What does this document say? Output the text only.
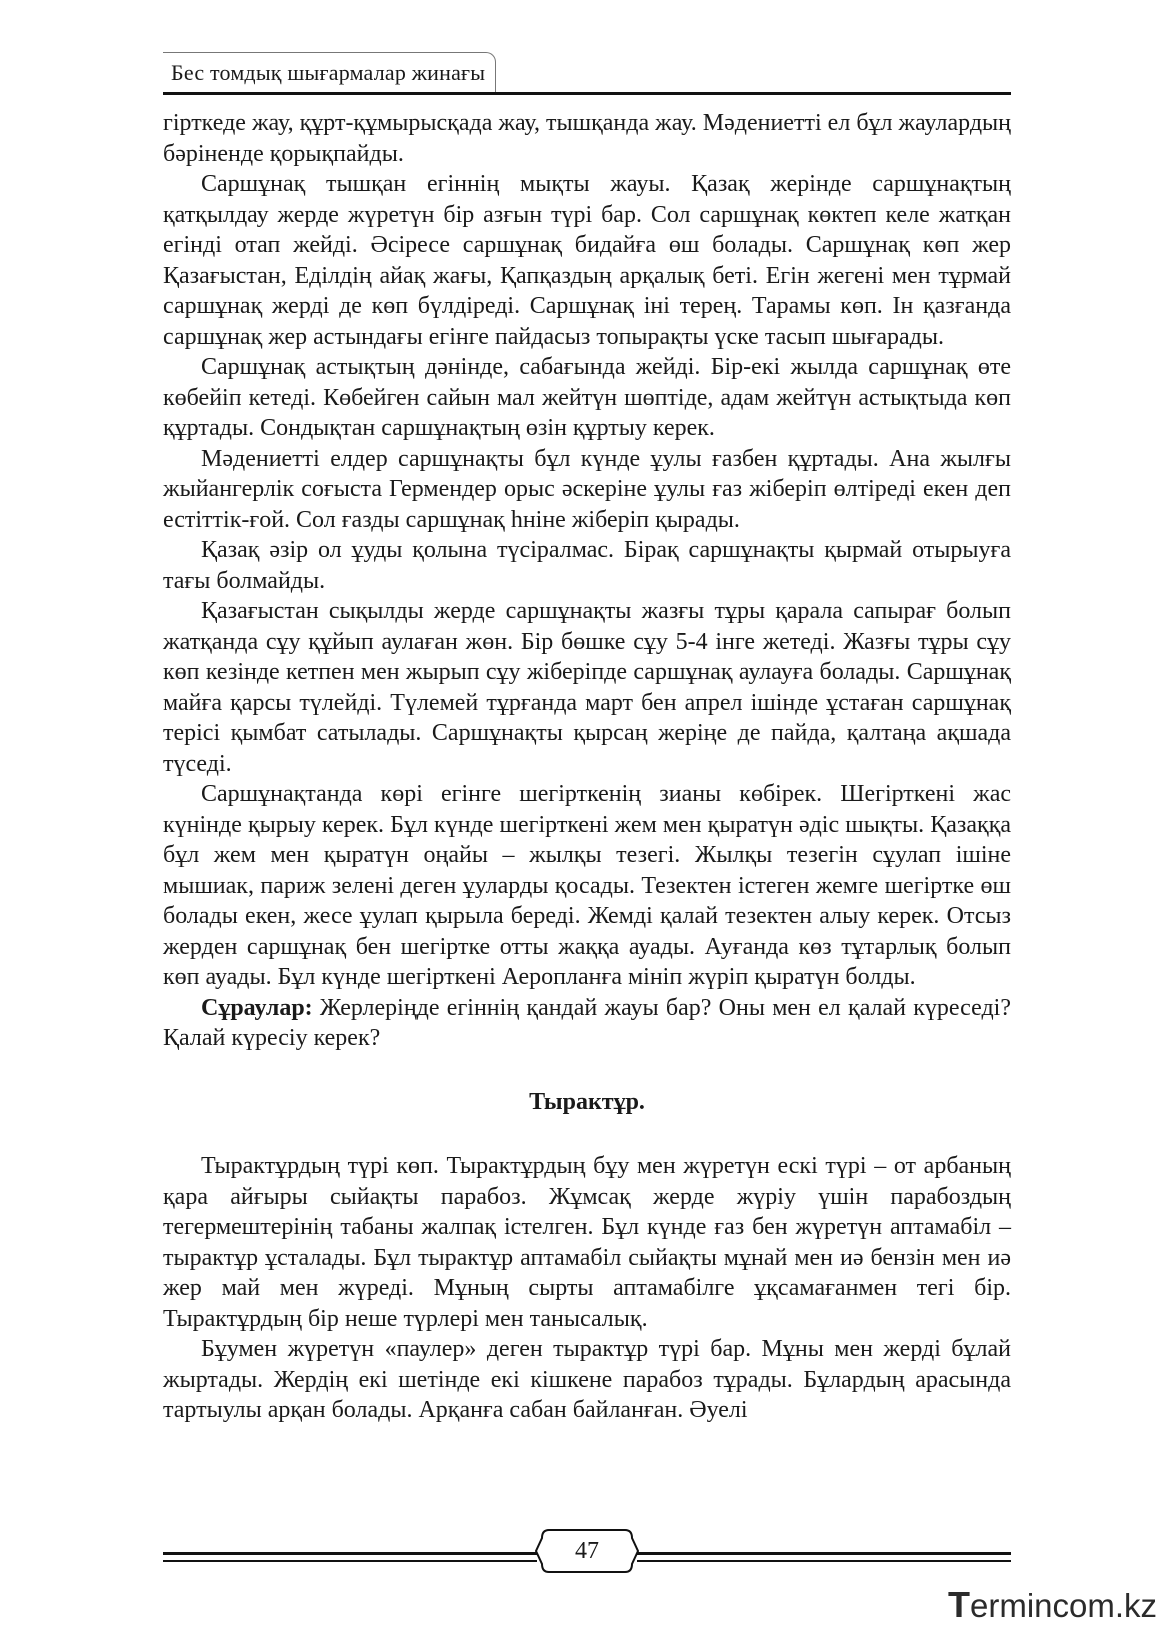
Бес томдық шығармалар жинағы

гірткеде жау, құрт-құмырысқада жау, тышқанда жау. Мәдениетті ел бұл жаулардың бәріненде қорықпайды.

Саршұнақ тышқан егіннің мықты жауы. Қазақ жерінде саршұнақтың қатқылдау жерде жүретүн бір азғын түрі бар. Сол саршұнақ көктеп келе жатқан егінді отап жейді. Әсіресе саршұнақ бидайға өш болады. Саршұнақ көп жер Қазағыстан, Еділдің айақ жағы, Қапқаздың арқалық беті. Егін жегені мен тұрмай саршұнақ жерді де көп бүлдіреді. Саршұнақ іні терең. Тарамы көп. Ін қазғанда саршұнақ жер астындағы егінге пайдасыз топырақты үске тасып шығарады.

Саршұнақ астықтың дәнінде, сабағында жейді. Бір-екі жылда саршұнақ өте көбейіп кетеді. Көбейген сайын мал жейтүн шөптіде, адам жейтүн астықтыда көп құртады. Сондықтан саршұнақтың өзін құртыу керек.

Мәдениетті елдер саршұнақты бұл күнде ұулы ғазбен құртады. Ана жылғы жыйангерлік соғыста Гермендер орыс әскеріне ұулы ғаз жіберіп өлтіреді екен деп естіттік-ғой. Сол ғазды саршұнақ һніне жіберіп қырады.

Қазақ әзір ол ұуды қолына түсіралмас. Бірақ саршұнақты қырмай отырыуға тағы болмайды.

Қазағыстан сықылды жерде саршұнақты жазғы тұры қарала сапырағ болып жатқанда сұу құйып аулаған жөн. Бір бөшке сұу 5-4 інге жетеді. Жазғы тұры сұу көп кезінде кетпен мен жырып сұу жіберіпде саршұнақ аулауға болады. Саршұнақ майға қарсы түлейді. Түлемей тұрғанда март бен апрел ішінде ұстаған саршұнақ терісі қымбат сатылады. Саршұнақты қырсаң жеріңе де пайда, қалтаңа ақшада түседі.

Саршұнақтанда көрі егінге шегірткенің зианы көбірек. Шегірткені жас күнінде қырыу керек. Бұл күнде шегірткені жем мен қыратүн әдіс шықты. Қазаққа бұл жем мен қыратүн оңайы – жылқы тезегі. Жылқы тезегін сұулап ішіне мышиак, париж зелені деген ұуларды қосады. Тезектен істеген жемге шегіртке өш болады екен, жесе ұулап қырыла береді. Жемді қалай тезектен алыу керек. Отсыз жерден саршұнақ бен шегіртке отты жаққа ауады. Ауғанда көз тұтарлық болып көп ауады. Бұл күнде шегірткені Аеропланға мініп жүріп қыратүн болды.

Сұраулар: Жерлеріңде егіннің қандай жауы бар? Оны мен ел қалай күреседі? Қалай күресіу керек?

Тырактұр.

Тырактұрдың түрі көп. Тырактұрдың бұу мен жүретүн ескі түрі – от арбаның қара айғыры сыйақты парабоз. Жұмсақ жерде жүріу үшін парабоздың тегермештерінің табаны жалпақ істелген. Бұл күнде ғаз бен жүретүн аптамабіл – тырактұр ұсталады. Бұл тырактұр аптамабіл сыйақты мұнай мен иә бензін мен иә жер май мен жүреді. Мұның сырты аптамабілге ұқсамағанмен тегі бір. Тырактұрдың бір неше түрлері мен танысалық.

Бұумен жүретүн «паулер» деген тырактұр түрі бар. Мұны мен жерді бұлай жыртады. Жердің екі шетінде екі кішкене парабоз тұрады. Бұлардың арасында тартыулы арқан болады. Арқанға сабан байланған. Әуелі

47
Termincom.kz
